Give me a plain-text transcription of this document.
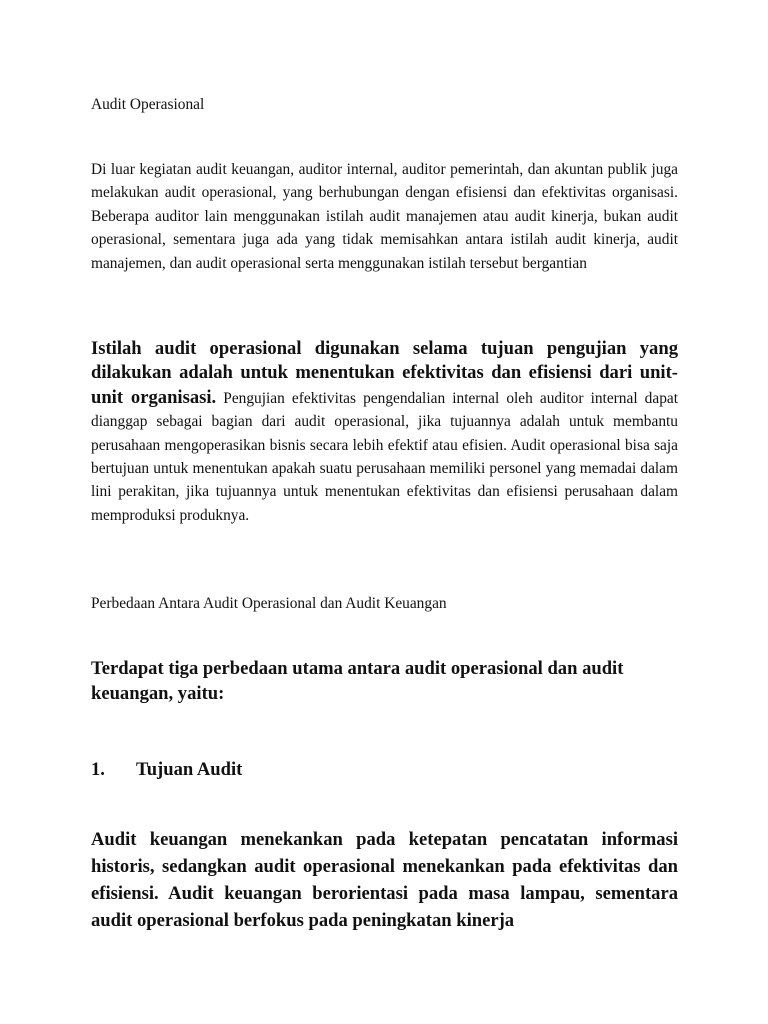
Audit Operasional

Di luar kegiatan audit keuangan, auditor internal, auditor pemerintah, dan akuntan publik juga melakukan audit operasional, yang berhubungan dengan efisiensi dan efektivitas organisasi. Beberapa auditor lain menggunakan istilah audit manajemen atau audit kinerja, bukan audit operasional, sementara juga ada yang tidak memisahkan antara istilah audit kinerja, audit manajemen, dan audit operasional serta menggunakan istilah tersebut bergantian

Istilah audit operasional digunakan selama tujuan pengujian yang dilakukan adalah untuk menentukan efektivitas dan efisiensi dari unit-unit organisasi. Pengujian efektivitas pengendalian internal oleh auditor internal dapat dianggap sebagai bagian dari audit operasional, jika tujuannya adalah untuk membantu perusahaan mengoperasikan bisnis secara lebih efektif atau efisien. Audit operasional bisa saja bertujuan untuk menentukan apakah suatu perusahaan memiliki personel yang memadai dalam lini perakitan, jika tujuannya untuk menentukan efektivitas dan efisiensi perusahaan dalam memproduksi produknya.

Perbedaan Antara Audit Operasional dan Audit Keuangan

Terdapat tiga perbedaan utama antara audit operasional dan audit keuangan, yaitu:

1.	Tujuan Audit

Audit keuangan menekankan pada ketepatan pencatatan informasi historis, sedangkan audit operasional menekankan pada efektivitas dan efisiensi. Audit keuangan berorientasi pada masa lampau, sementara audit operasional berfokus pada peningkatan kinerja
